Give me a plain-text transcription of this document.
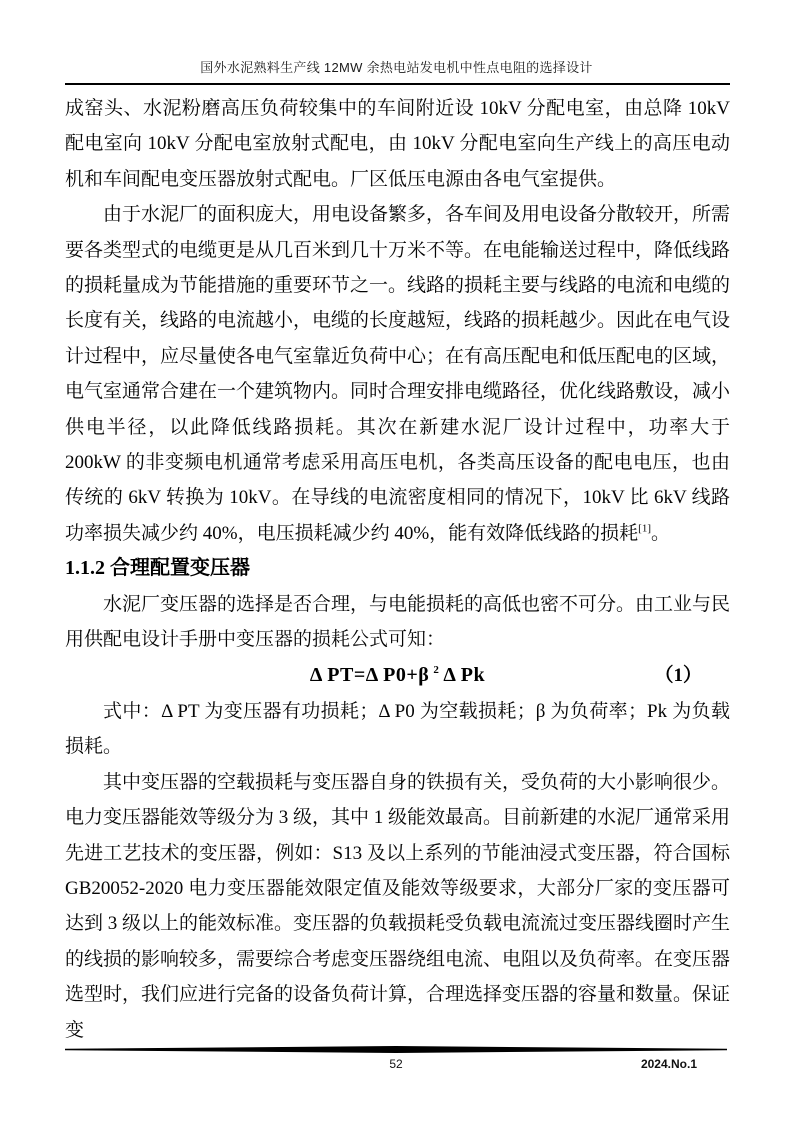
国外水泥熟料生产线 12MW 余热电站发电机中性点电阻的选择设计

成窑头、水泥粉磨高压负荷较集中的车间附近设 10kV 分配电室，由总降 10kV 配电室向 10kV 分配电室放射式配电，由 10kV 分配电室向生产线上的高压电动机和车间配电变压器放射式配电。厂区低压电源由各电气室提供。

由于水泥厂的面积庞大，用电设备繁多，各车间及用电设备分散较开，所需要各类型式的电缆更是从几百米到几十万米不等。在电能输送过程中，降低线路的损耗量成为节能措施的重要环节之一。线路的损耗主要与线路的电流和电缆的长度有关，线路的电流越小，电缆的长度越短，线路的损耗越少。因此在电气设计过程中，应尽量使各电气室靠近负荷中心；在有高压配电和低压配电的区域，电气室通常合建在一个建筑物内。同时合理安排电缆路径，优化线路敷设，减小供电半径，以此降低线路损耗。其次在新建水泥厂设计过程中，功率大于 200kW 的非变频电机通常考虑采用高压电机，各类高压设备的配电电压，也由传统的 6kV 转换为 10kV。在导线的电流密度相同的情况下，10kV 比 6kV 线路功率损失减少约 40%，电压损耗减少约 40%，能有效降低线路的损耗[1]。

1.1.2 合理配置变压器

水泥厂变压器的选择是否合理，与电能损耗的高低也密不可分。由工业与民用供配电设计手册中变压器的损耗公式可知：

Δ PT=Δ P0+β $^2$ Δ Pk	（1）

式中：Δ PT 为变压器有功损耗；Δ P0 为空载损耗；β 为负荷率；Pk 为负载损耗。

其中变压器的空载损耗与变压器自身的铁损有关，受负荷的大小影响很少。电力变压器能效等级分为 3 级，其中 1 级能效最高。目前新建的水泥厂通常采用先进工艺技术的变压器，例如：S13 及以上系列的节能油浸式变压器，符合国标 GB20052-2020 电力变压器能效限定值及能效等级要求，大部分厂家的变压器可达到 3 级以上的能效标准。变压器的负载损耗受负载电流流过变压器线圈时产生的线损的影响较多，需要综合考虑变压器绕组电流、电阻以及负荷率。在变压器选型时，我们应进行完备的设备负荷计算，合理选择变压器的容量和数量。保证变

52	2024.No.1
